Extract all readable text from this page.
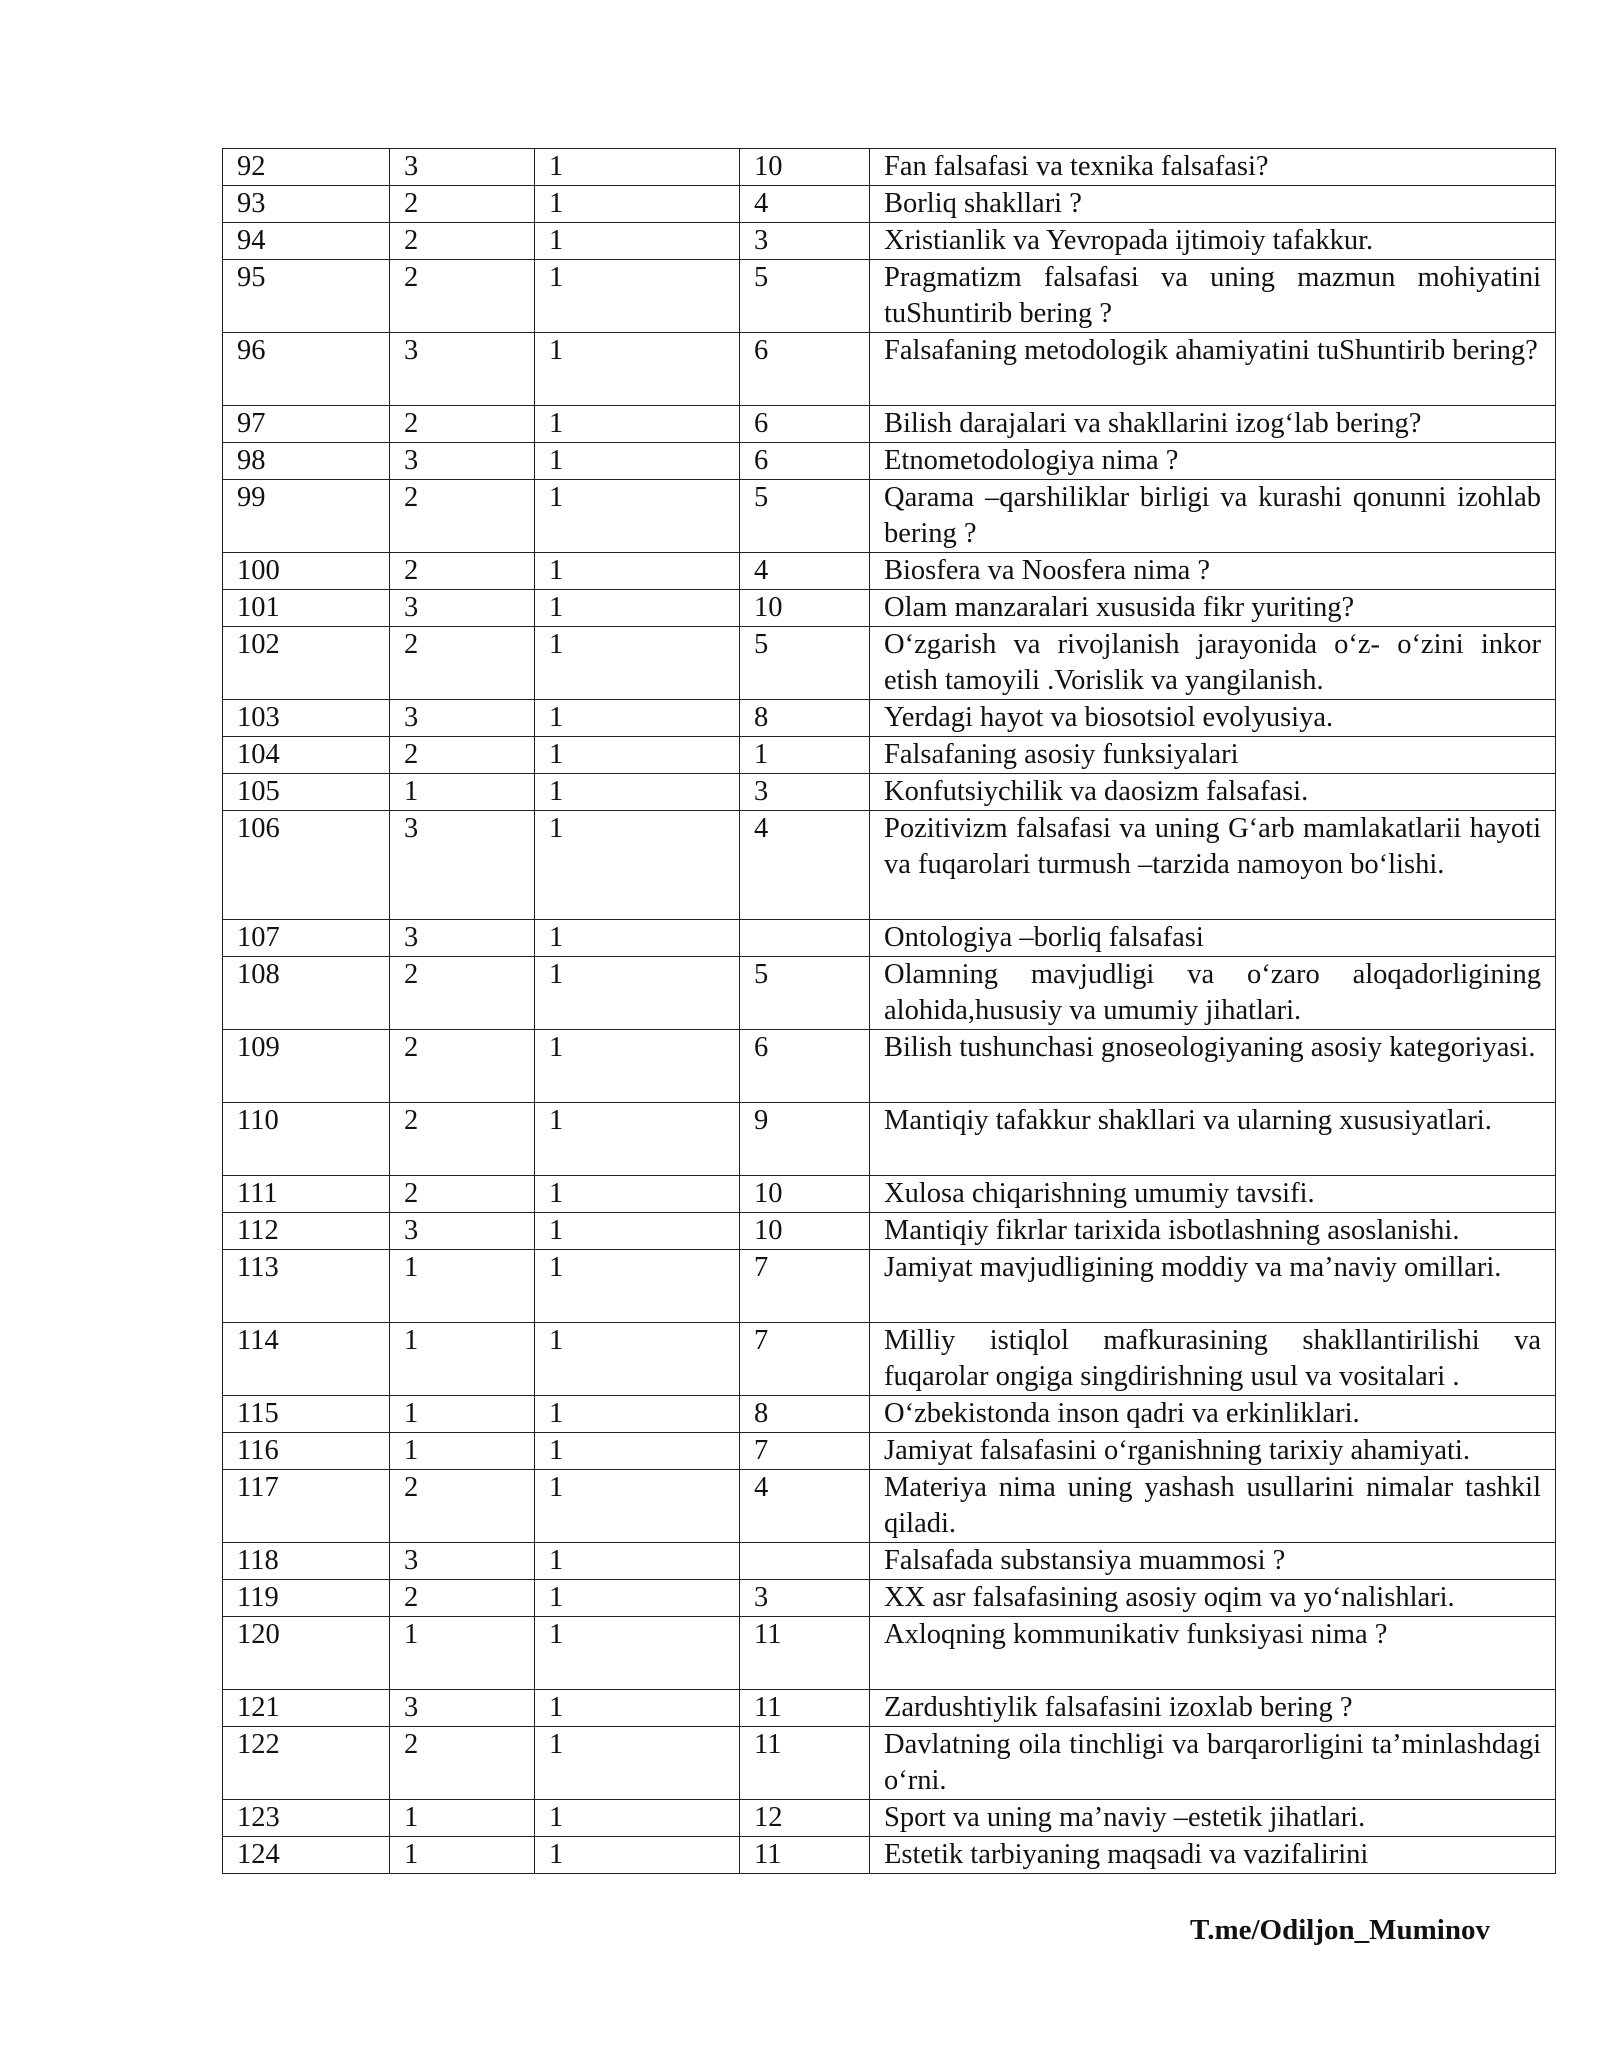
92	3	1	10	Fan falsafasi va texnika falsafasi?
93	2	1	4	Borliq shakllari ?
94	2	1	3	Xristianlik va Yevropada ijtimoiy tafakkur.
95	2	1	5	Pragmatizm falsafasi va uning mazmun mohiyatini tuShuntirib bering ?
96	3	1	6	Falsafaning metodologik ahamiyatini tuShuntirib bering?
97	2	1	6	Bilish darajalari va shakllarini izog‘lab bering?
98	3	1	6	Etnometodologiya nima ?
99	2	1	5	Qarama –qarshiliklar birligi va kurashi qonunni izohlab bering ?
100	2	1	4	Biosfera va Noosfera nima ?
101	3	1	10	Olam manzaralari xususida fikr yuriting?
102	2	1	5	O‘zgarish va rivojlanish jarayonida o‘z- o‘zini inkor etish tamoyili .Vorislik va yangilanish.
103	3	1	8	Yerdagi hayot va biosotsiol evolyusiya.
104	2	1	1	Falsafaning asosiy funksiyalari
105	1	1	3	Konfutsiychilik va daosizm falsafasi.
106	3	1	4	Pozitivizm falsafasi va uning G‘arb mamlakatlarii hayoti va fuqarolari turmush –tarzida namoyon bo‘lishi.
107	3	1		Ontologiya –borliq falsafasi
108	2	1	5	Olamning mavjudligi va o‘zaro aloqadorligining alohida,hususiy va umumiy jihatlari.
109	2	1	6	Bilish tushunchasi gnoseologiyaning asosiy kategoriyasi.
110	2	1	9	Mantiqiy tafakkur shakllari va ularning xususiyatlari.
111	2	1	10	Xulosa chiqarishning umumiy tavsifi.
112	3	1	10	Mantiqiy fikrlar tarixida isbotlashning asoslanishi.
113	1	1	7	Jamiyat mavjudligining moddiy va ma’naviy omillari.
114	1	1	7	Milliy istiqlol mafkurasining shakllantirilishi va fuqarolar ongiga singdirishning usul va vositalari .
115	1	1	8	O‘zbekistonda inson qadri va erkinliklari.
116	1	1	7	Jamiyat falsafasini o‘rganishning tarixiy ahamiyati.
117	2	1	4	Materiya nima uning yashash usullarini nimalar tashkil qiladi.
118	3	1		Falsafada substansiya muammosi ?
119	2	1	3	XX asr falsafasining asosiy oqim va yo‘nalishlari.
120	1	1	11	Axloqning kommunikativ funksiyasi nima ?
121	3	1	11	Zardushtiylik falsafasini izoxlab bering ?
122	2	1	11	Davlatning oila tinchligi va barqarorligini ta’minlashdagi o‘rni.
123	1	1	12	Sport va uning ma’naviy –estetik jihatlari.
124	1	1	11	Estetik tarbiyaning maqsadi va vazifalirini
T.me/Odiljon_Muminov
